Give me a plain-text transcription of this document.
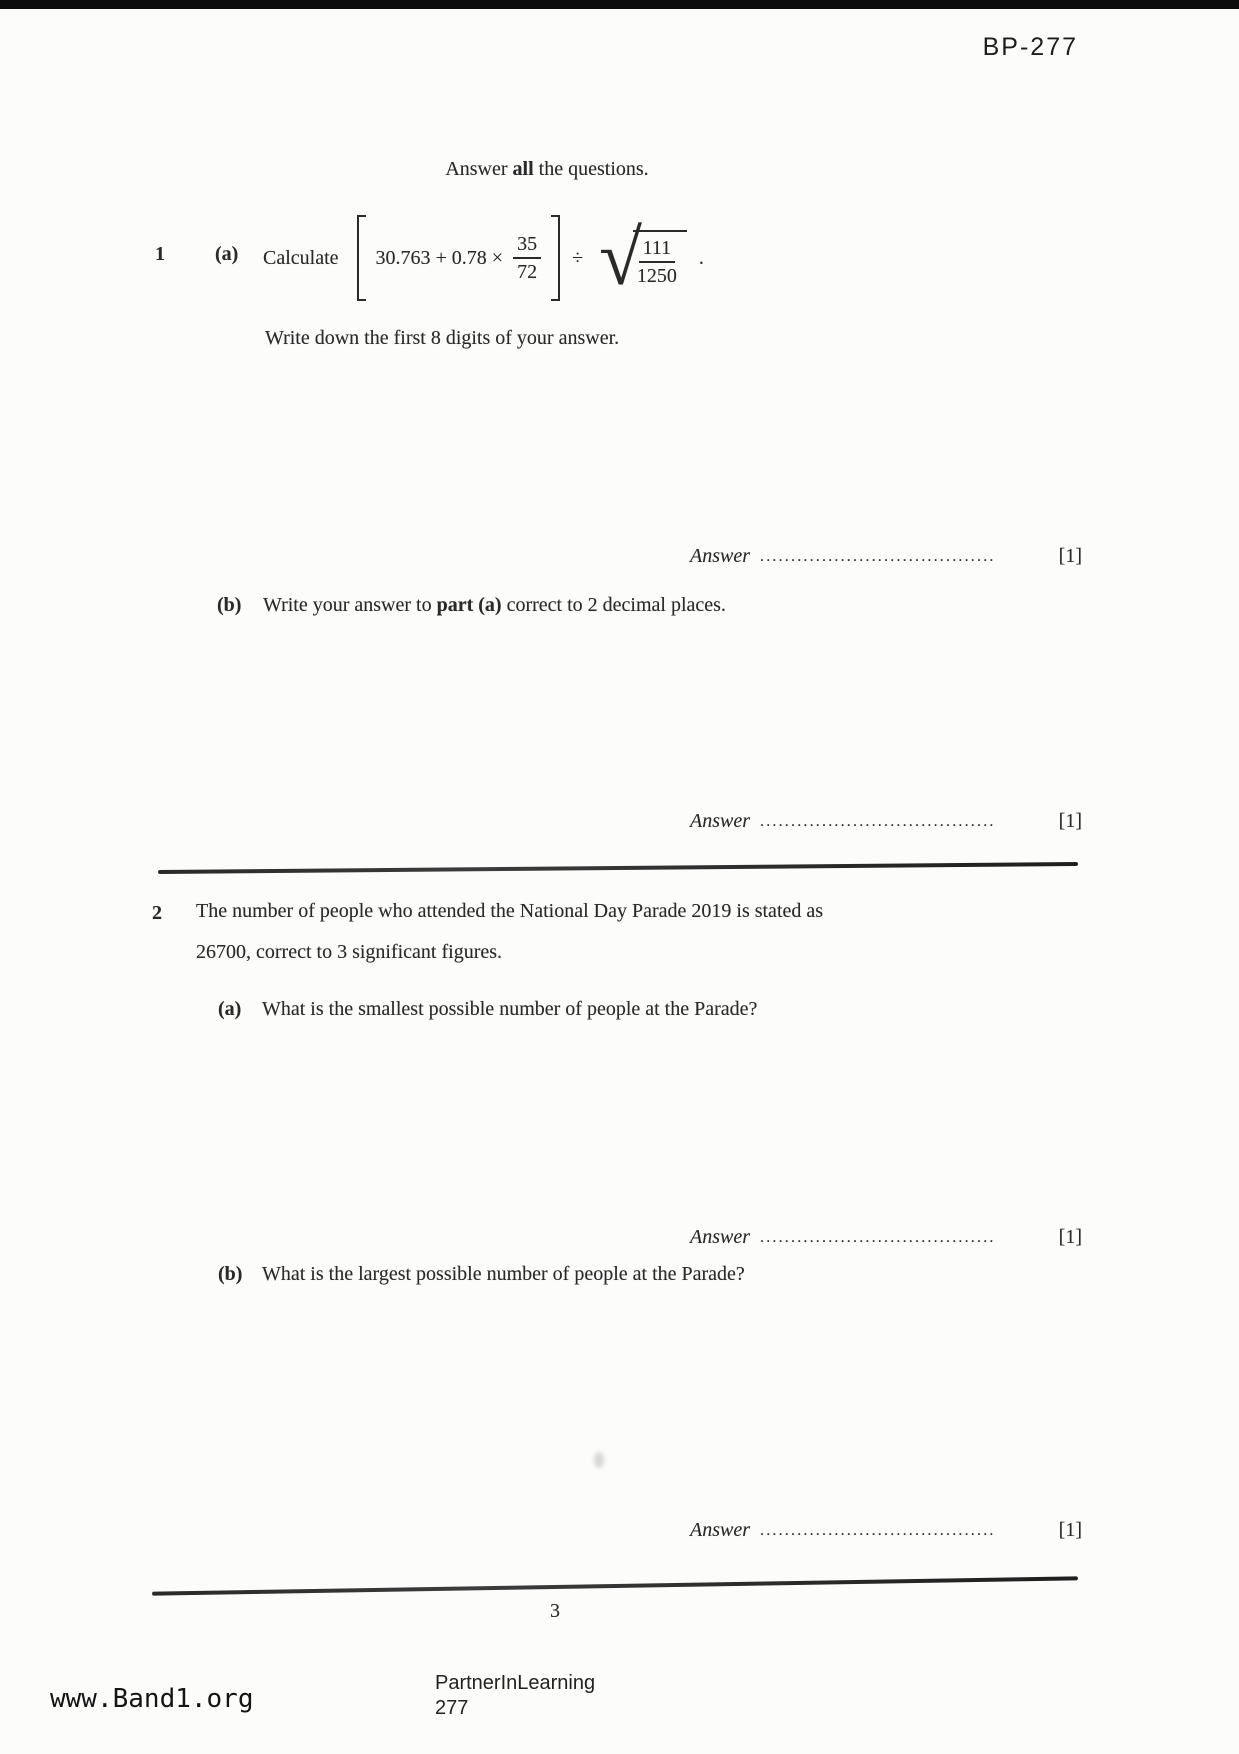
BP-277
Answer all the questions.
1	(a) Calculate $30.763 + 0.78 \times \frac{35}{72}$ ÷ √
$\frac{111}{1250}$ .
Write down the first 8 digits of your answer.
Answer ......................................	[1]
(b) Write your answer to part (a) correct to 2 decimal places.
Answer ......................................	[1]
2 The number of people who attended the National Day Parade 2019 is stated as
26700, correct to 3 significant figures.
(a) What is the smallest possible number of people at the Parade?
Answer ......................................	[1]
(b) What is the largest possible number of people at the Parade?
Answer ......................................	[1]
3
www.Band1.org
PartnerInLearning
277
